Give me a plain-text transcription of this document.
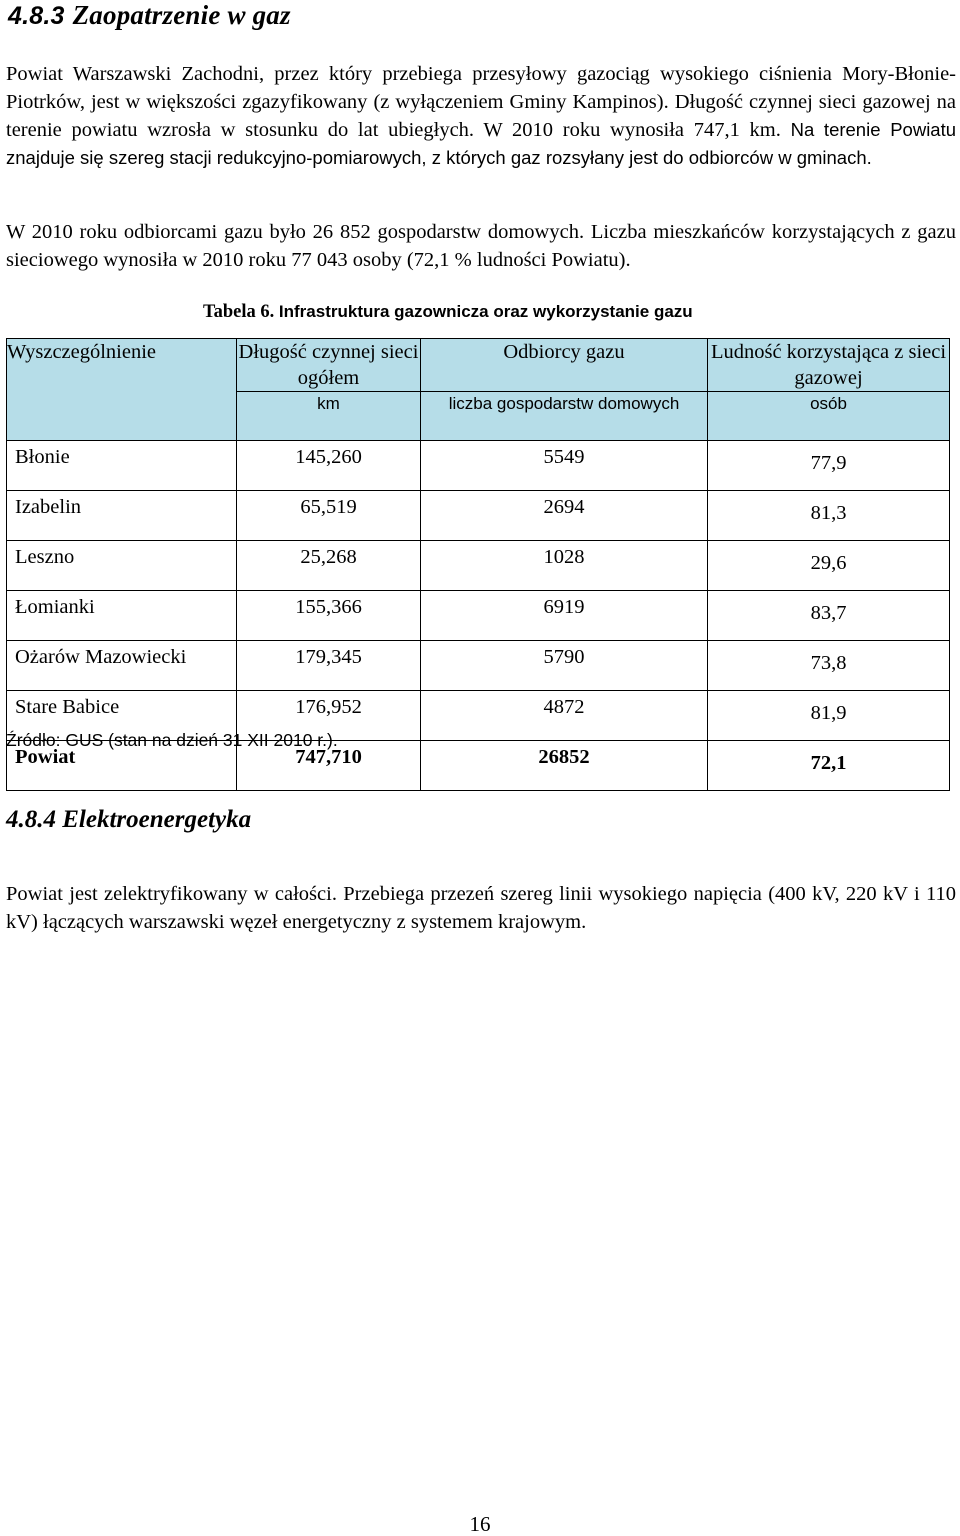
4.8.3 Zaopatrzenie w gaz

Powiat Warszawski Zachodni, przez który przebiega przesyłowy gazociąg wysokiego ciśnienia Mory-Błonie-Piotrków, jest w większości zgazyfikowany (z wyłączeniem Gminy Kampinos). Długość czynnej sieci gazowej na terenie powiatu wzrosła w stosunku do lat ubiegłych. W 2010 roku wynosiła 747,1 km. Na terenie Powiatu znajduje się szereg stacji redukcyjno-pomiarowych, z których gaz rozsyłany jest do odbiorców w gminach.

W 2010 roku odbiorcami gazu było 26 852 gospodarstw domowych. Liczba mieszkańców korzystających z gazu sieciowego wynosiła w 2010 roku 77 043 osoby (72,1 % ludności Powiatu).

Tabela 6. Infrastruktura gazownicza oraz wykorzystanie gazu

Wyszczególnienie	Długość czynnej sieci ogółem	Odbiorcy gazu	Ludność korzystająca z sieci gazowej
	km	liczba gospodarstw domowych	osób
Błonie	145,260	5549	77,9
Izabelin	65,519	2694	81,3
Leszno	25,268	1028	29,6
Łomianki	155,366	6919	83,7
Ożarów Mazowiecki	179,345	5790	73,8
Stare Babice	176,952	4872	81,9
Powiat	747,710	26852	72,1

Źródło: GUS (stan na dzień 31 XII 2010 r.).

4.8.4 Elektroenergetyka

Powiat jest zelektryfikowany w całości. Przebiega przezeń szereg linii wysokiego napięcia (400 kV, 220 kV i 110 kV) łączących warszawski węzeł energetyczny z systemem krajowym.

16
